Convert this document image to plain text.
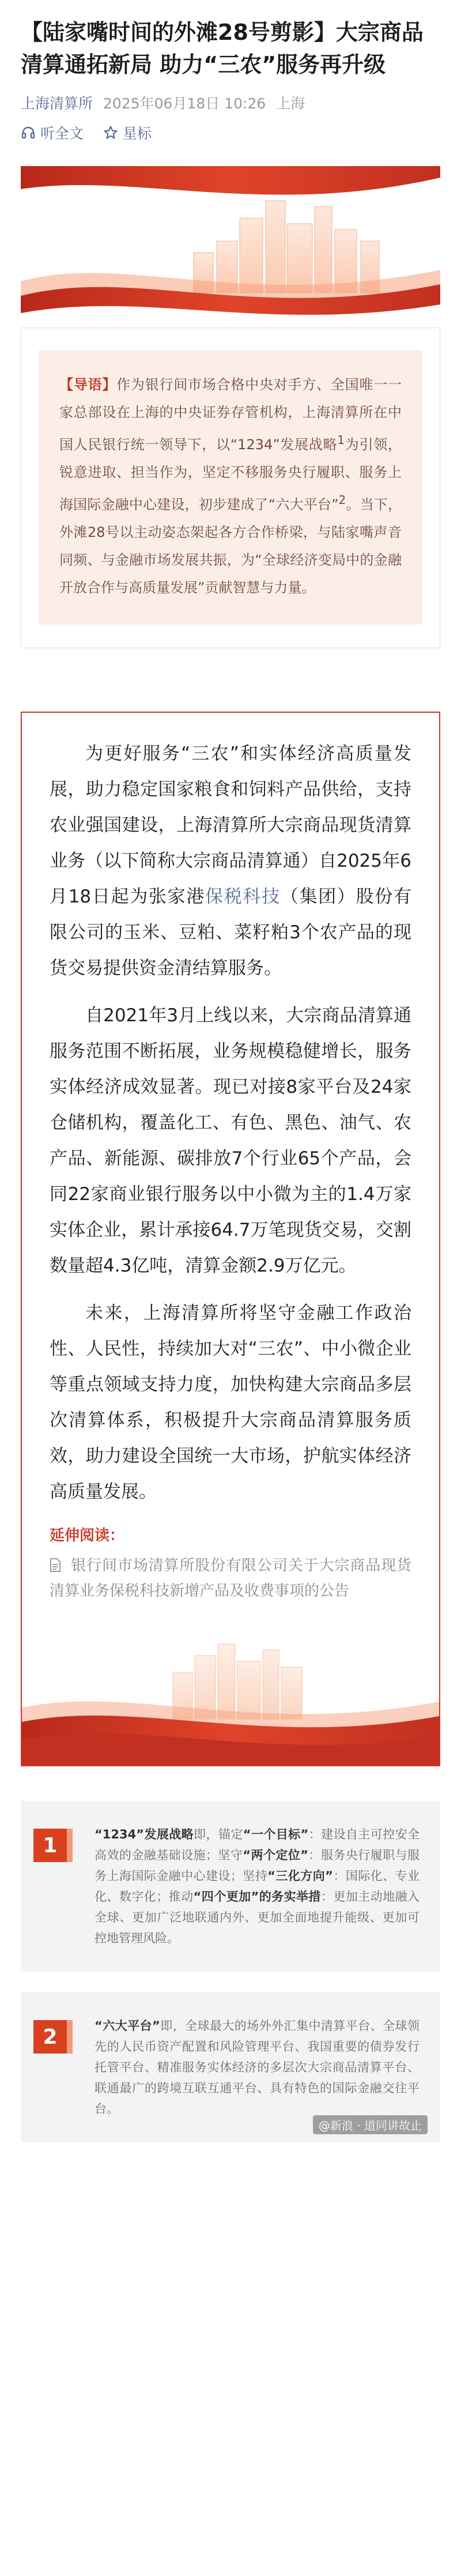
【陆家嘴时间的外滩28号剪影】大宗商品清算通拓新局 助力“三农”服务再升级
上海清算所 2025年06月18日 10:26 上海
听全文	星标
【导语】作为银行间市场合格中央对手方、全国唯一一家总部设在上海的中央证券存管机构，上海清算所在中国人民银行统一领导下，以“1234”发展战略$^1$为引领，锐意进取、担当作为，坚定不移服务央行履职、服务上海国际金融中心建设，初步建成了“六大平台”$^2$。当下，外滩28号以主动姿态架起各方合作桥梁，与陆家嘴声音同频、与金融市场发展共振，为“全球经济变局中的金融开放合作与高质量发展”贡献智慧与力量。

为更好服务“三农”和实体经济高质量发展，助力稳定国家粮食和饲料产品供给，支持农业强国建设，上海清算所大宗商品现货清算业务（以下简称大宗商品清算通）自2025年6月18日起为张家港保税科技（集团）股份有限公司的玉米、豆粕、菜籽粕3个农产品的现货交易提供资金清结算服务。

自2021年3月上线以来，大宗商品清算通服务范围不断拓展，业务规模稳健增长，服务实体经济成效显著。现已对接8家平台及24家仓储机构，覆盖化工、有色、黑色、油气、农产品、新能源、碳排放7个行业65个产品，会同22家商业银行服务以中小微为主的1.4万家实体企业，累计承接64.7万笔现货交易，交割数量超4.3亿吨，清算金额2.9万亿元。

未来，上海清算所将坚守金融工作政治性、人民性，持续加大对“三农”、中小微企业等重点领域支持力度，加快构建大宗商品多层次清算体系，积极提升大宗商品清算服务质效，助力建设全国统一大市场，护航实体经济高质量发展。

延伸阅读：
银行间市场清算所股份有限公司关于大宗商品现货清算业务保税科技新增产品及收费事项的公告
1	“1234”发展战略即，锚定“一个目标”：建设自主可控安全高效的金融基础设施；坚守“两个定位”：服务央行履职与服务上海国际金融中心建设；坚持“三化方向”：国际化、专业化、数字化；推动“四个更加”的务实举措：更加主动地融入全球、更加广泛地联通内外、更加全面地提升能级、更加可控地管理风险。
2	“六大平台”即，全球最大的场外外汇集中清算平台、全球领先的人民币资产配置和风险管理平台、我国重要的债券发行托管平台、精准服务实体经济的多层次大宗商品清算平台、联通最广的跨境互联互通平台、具有特色的国际金融交往平台。
@新浪 · 道同讲故止
